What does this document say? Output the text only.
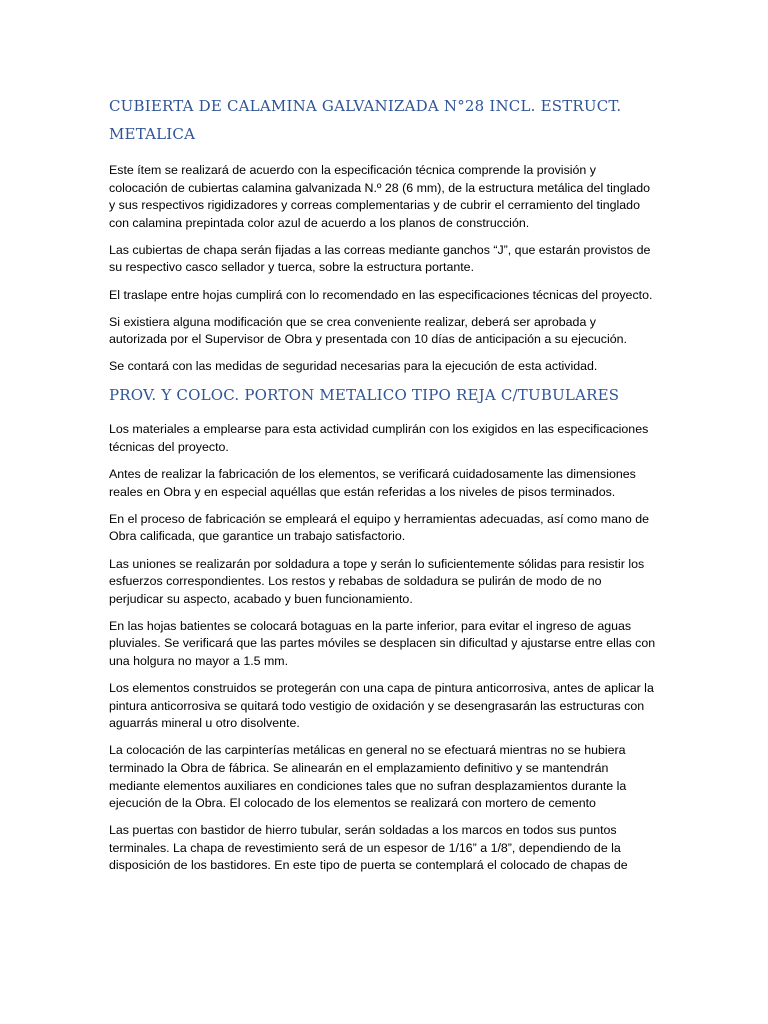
CUBIERTA DE CALAMINA GALVANIZADA N°28 INCL. ESTRUCT. METALICA

Este ítem se realizará de acuerdo con la especificación técnica comprende la provisión y colocación de cubiertas calamina galvanizada N.º 28 (6 mm), de la estructura metálica del tinglado y sus respectivos rigidizadores y correas complementarias y de cubrir el cerramiento del tinglado con calamina prepintada color azul de acuerdo a los planos de construcción.

Las cubiertas de chapa serán fijadas a las correas mediante ganchos “J”, que estarán provistos de su respectivo casco sellador y tuerca, sobre la estructura portante.

El traslape entre hojas cumplirá con lo recomendado en las especificaciones técnicas del proyecto.

Si existiera alguna modificación que se crea conveniente realizar, deberá ser aprobada y autorizada por el Supervisor de Obra y presentada con 10 días de anticipación a su ejecución.

Se contará con las medidas de seguridad necesarias para la ejecución de esta actividad.

PROV. Y COLOC. PORTON METALICO TIPO REJA C/TUBULARES

Los materiales a emplearse para esta actividad cumplirán con los exigidos en las especificaciones técnicas del proyecto.

Antes de realizar la fabricación de los elementos, se verificará cuidadosamente las dimensiones reales en Obra y en especial aquéllas que están referidas a los niveles de pisos terminados.

En el proceso de fabricación se empleará el equipo y herramientas adecuadas, así como mano de Obra calificada, que garantice un trabajo satisfactorio.

Las uniones se realizarán por soldadura a tope y serán lo suficientemente sólidas para resistir los esfuerzos correspondientes. Los restos y rebabas de soldadura se pulirán de modo de no perjudicar su aspecto, acabado y buen funcionamiento.

En las hojas batientes se colocará botaguas en la parte inferior, para evitar el ingreso de aguas pluviales. Se verificará que las partes móviles se desplacen sin dificultad y ajustarse entre ellas con una holgura no mayor a 1.5 mm.

Los elementos construidos se protegerán con una capa de pintura anticorrosiva, antes de aplicar la pintura anticorrosiva se quitará todo vestigio de oxidación y se desengrasarán las estructuras con aguarrás mineral u otro disolvente.

La colocación de las carpinterías metálicas en general no se efectuará mientras no se hubiera terminado la Obra de fábrica. Se alinearán en el emplazamiento definitivo y se mantendrán mediante elementos auxiliares en condiciones tales que no sufran desplazamientos durante la ejecución de la Obra. El colocado de los elementos se realizará con mortero de cemento

Las puertas con bastidor de hierro tubular, serán soldadas a los marcos en todos sus puntos terminales. La chapa de revestimiento será de un espesor de 1/16” a 1/8”, dependiendo de la disposición de los bastidores. En este tipo de puerta se contemplará el colocado de chapas de
